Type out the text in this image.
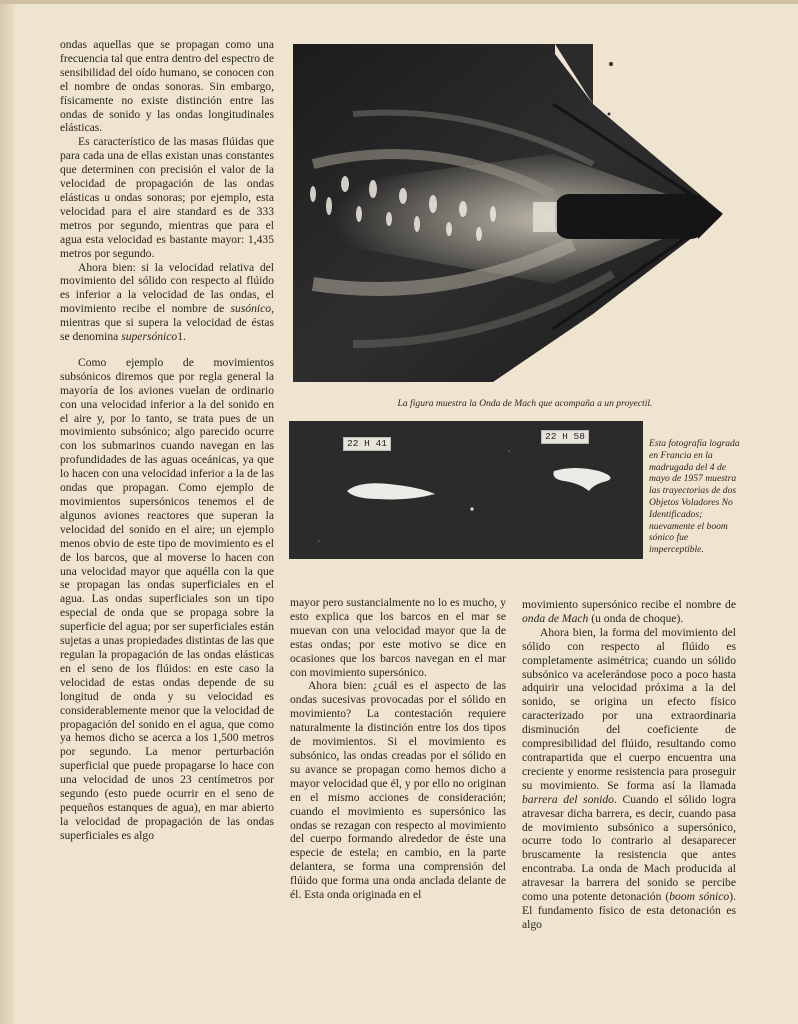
ondas aquellas que se propagan como una frecuencia tal que entra dentro del espectro de sensibilidad del oído humano, se conocen con el nombre de ondas sonoras. Sin embargo, físicamente no existe distinción entre las ondas de sonido y las ondas longitudinales elásticas.

Es característico de las masas flúidas que para cada una de ellas existan unas constantes que determinen con precisión el valor de la velocidad de propagación de las ondas elásticas u ondas sonoras; por ejemplo, esta velocidad para el aire standard es de 333 metros por segundo, mientras que para el agua esta velocidad es bastante mayor: 1,435 metros por segundo.

Ahora bien: si la velocidad relativa del movimiento del sólido con respecto al flúido es inferior a la velocidad de las ondas, el movimiento recibe el nombre de susónico, mientras que si supera la velocidad de éstas se denomina supersónico1.

Como ejemplo de movimientos subsónicos diremos que por regla general la mayoría de los aviones vuelan de ordinario con una velocidad inferior a la del sonido en el aire y, por lo tanto, se trata pues de un movimiento subsónico; algo parecido ocurre con los submarinos cuando navegan en las profundidades de las aguas oceánicas, ya que lo hacen con una velocidad inferior a la de las ondas que propagan. Como ejemplo de movimientos supersónicos tenemos el de algunos aviones reactores que superan la velocidad del sonido en el aire; un ejemplo menos obvio de este tipo de movimiento es el de los barcos, que al moverse lo hacen con una velocidad mayor que aquélla con la que se propagan las ondas superficiales en el agua. Las ondas superficiales son un tipo especial de onda que se propaga sobre la superficie del agua; por ser superficiales están sujetas a unas propiedades distintas de las que regulan la propagación de las ondas elásticas en el seno de los flúidos: en este caso la velocidad de estas ondas depende de su longitud de onda y su velocidad es considerablemente menor que la velocidad de propagación del sonido en el agua, que como ya hemos dicho se acerca a los 1,500 metros por segundo. La menor perturbación superficial que puede propagarse lo hace con una velocidad de unos 23 centímetros por segundo (esto puede ocurrir en el seno de pequeños estanques de agua), en mar abierto la velocidad de propagación de las ondas superficiales es algo

La figura muestra la Onda de Mach que acompaña a un proyectil.
22 H 41
22 H 58
Esta fotografía lograda en Francia en la madrugada del 4 de mayo de 1957 muestra las trayectorias de dos Objetos Voladores No Identificados; nuevamente el boom sónico fue imperceptible.

mayor pero sustancialmente no lo es mucho, y esto explica que los barcos en el mar se muevan con una velocidad mayor que la de estas ondas; por este motivo se dice en ocasiones que los barcos navegan en el mar con movimiento supersónico.

Ahora bien: ¿cuál es el aspecto de las ondas sucesivas provocadas por el sólido en movimiento? La contestación requiere naturalmente la distinción entre los dos tipos de movimientos. Si el movimiento es subsónico, las ondas creadas por el sólido en su avance se propagan como hemos dicho a mayor velocidad que él, y por ello no originan en el mismo acciones de consideración; cuando el movimiento es supersónico las ondas se rezagan con respecto al movimiento del cuerpo formando alrededor de éste una especie de estela; en cambio, en la parte delantera, se forma una comprensión del flúido que forma una onda anclada delante de él. Esta onda originada en el

movimiento supersónico recibe el nombre de onda de Mach (u onda de choque).

Ahora bien, la forma del movimiento del sólido con respecto al flúido es completamente asimétrica; cuando un sólido subsónico va acelerándose poco a poco hasta adquirir una velocidad próxima a la del sonido, se origina un efecto físico caracterizado por una extraordinaria disminución del coeficiente de compresibilidad del flúido, resultando como contrapartida que el cuerpo encuentra una creciente y enorme resistencia para proseguir su movimiento. Se forma así la llamada barrera del sonido. Cuando el sólido logra atravesar dicha barrera, es decir, cuando pasa de movimiento subsónico a supersónico, ocurre todo lo contrario al desaparecer bruscamente la resistencia que antes encontraba. La onda de Mach producida al atravesar la barrera del sonido se percibe como una potente detonación (boom sónico). El fundamento físico de esta detonación es algo
